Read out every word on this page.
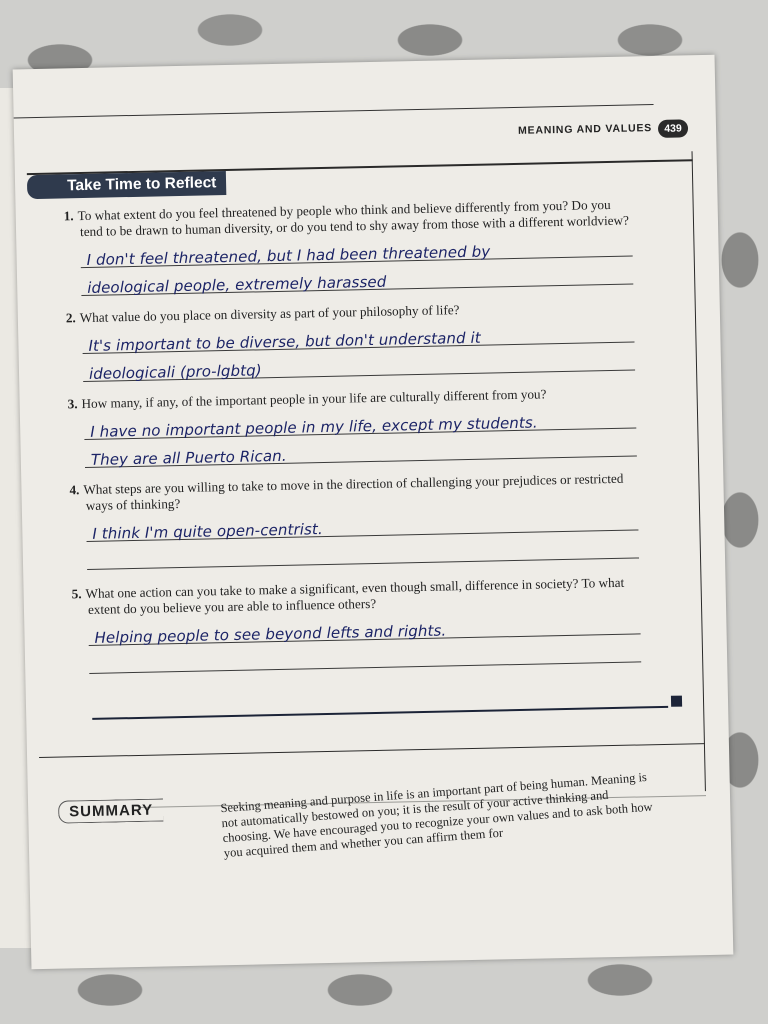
MEANING AND VALUES	439
Take Time to Reflect
1. To what extent do you feel threatened by people who think and believe differently from you? Do you tend to be drawn to human diversity, or do you tend to shy away from those with a different worldview?
I don't feel threatened, but I had been threatened by
ideological people, extremely harassed
2. What value do you place on diversity as part of your philosophy of life?
It's important to be diverse, but don't understand it
ideologicali (pro-lgbtq)
3. How many, if any, of the important people in your life are culturally different from you?
I have no important people in my life, except my students.
They are all Puerto Rican.
4. What steps are you willing to take to move in the direction of challenging your prejudices or restricted ways of thinking?
I think I'm quite open-centrist.
5. What one action can you take to make a significant, even though small, difference in society? To what extent do you believe you are able to influence others?
Helping people to see beyond lefts and rights.
SUMMARY	Seeking meaning and purpose in life is an important part of being human. Meaning is not automatically bestowed on you; it is the result of your active thinking and choosing. We have encouraged you to recognize your own values and to ask both how you acquired them and whether you can affirm them for
